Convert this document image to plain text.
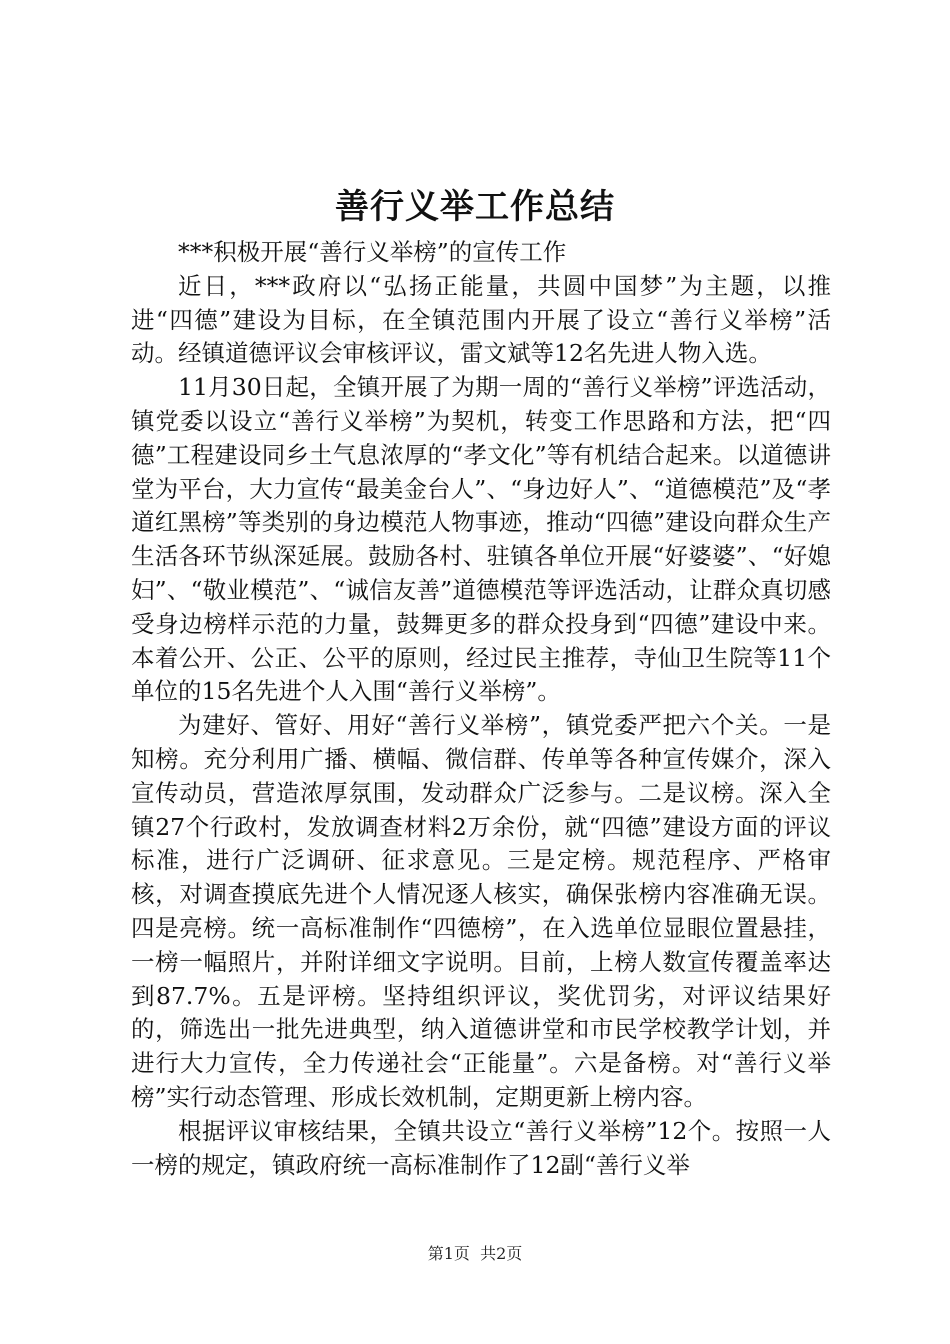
善行义举工作总结

***积极开展“善行义举榜”的宣传工作

近日，***政府以“弘扬正能量，共圆中国梦”为主题，以推进“四德”建设为目标，在全镇范围内开展了设立“善行义举榜”活动。经镇道德评议会审核评议，雷文斌等12名先进人物入选。

11月30日起，全镇开展了为期一周的“善行义举榜”评选活动，镇党委以设立“善行义举榜”为契机，转变工作思路和方法，把“四德”工程建设同乡土气息浓厚的“孝文化”等有机结合起来。以道德讲堂为平台，大力宣传“最美金台人”、“身边好人”、“道德模范”及“孝道红黑榜”等类别的身边模范人物事迹，推动“四德”建设向群众生产生活各环节纵深延展。鼓励各村、驻镇各单位开展“好婆婆”、“好媳妇”、“敬业模范”、“诚信友善”道德模范等评选活动，让群众真切感受身边榜样示范的力量，鼓舞更多的群众投身到“四德”建设中来。本着公开、公正、公平的原则，经过民主推荐，寺仙卫生院等11个单位的15名先进个人入围“善行义举榜”。

为建好、管好、用好“善行义举榜”，镇党委严把六个关。一是知榜。充分利用广播、横幅、微信群、传单等各种宣传媒介，深入宣传动员，营造浓厚氛围，发动群众广泛参与。二是议榜。深入全镇27个行政村，发放调查材料2万余份，就“四德”建设方面的评议标准，进行广泛调研、征求意见。三是定榜。规范程序、严格审核，对调查摸底先进个人情况逐人核实，确保张榜内容准确无误。四是亮榜。统一高标准制作“四德榜”，在入选单位显眼位置悬挂，一榜一幅照片，并附详细文字说明。目前，上榜人数宣传覆盖率达到87.7%。五是评榜。坚持组织评议，奖优罚劣，对评议结果好的，筛选出一批先进典型，纳入道德讲堂和市民学校教学计划，并进行大力宣传，全力传递社会“正能量”。六是备榜。对“善行义举榜”实行动态管理、形成长效机制，定期更新上榜内容。

根据评议审核结果，全镇共设立“善行义举榜”12个。按照一人一榜的规定，镇政府统一高标准制作了12副“善行义举

第1页 共2页
